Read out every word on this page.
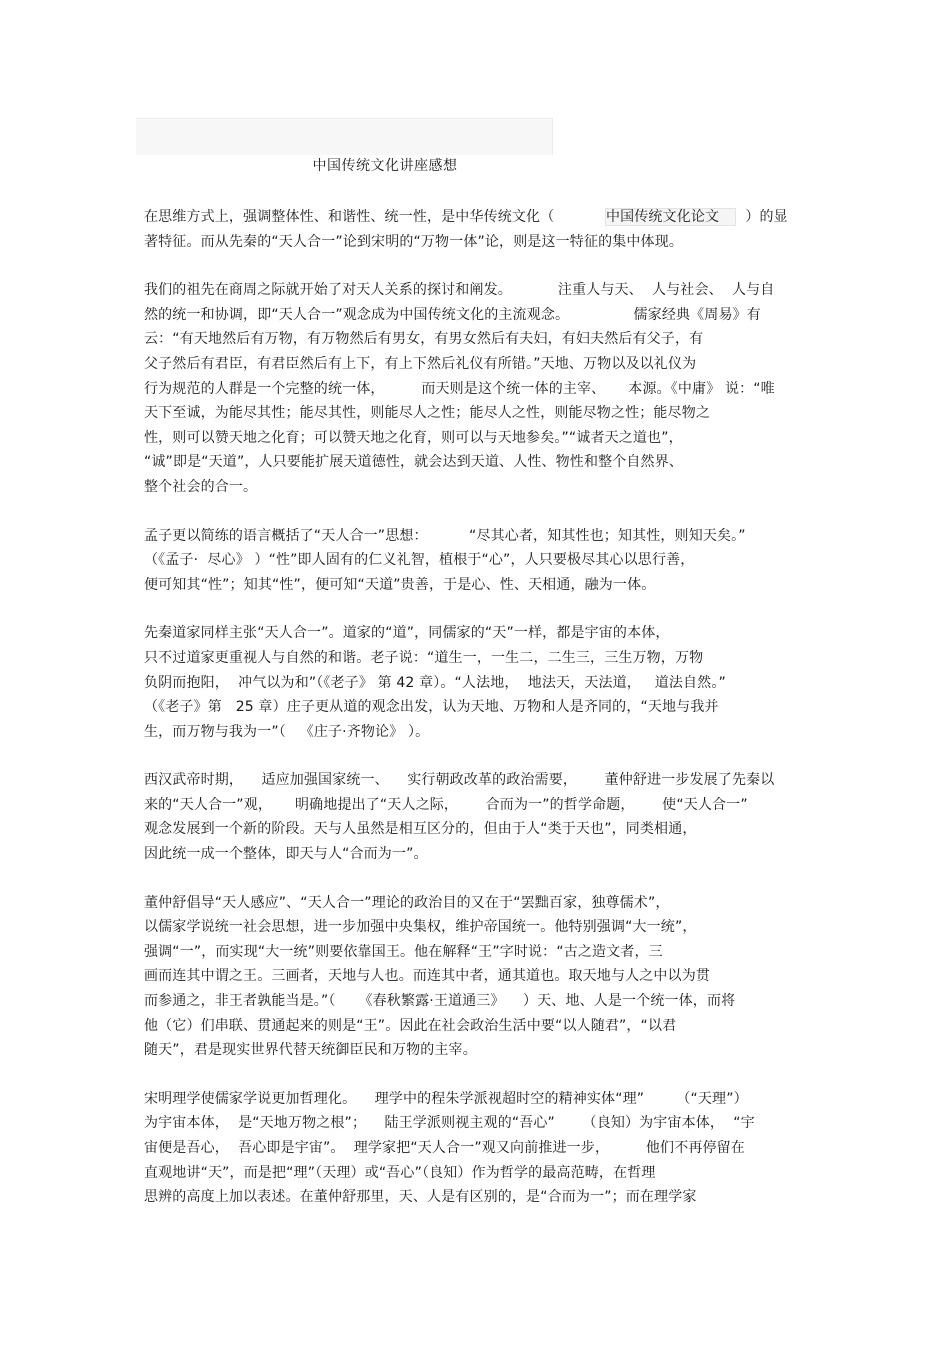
中国传统文化讲座感想
在思维方式上，强调整体性、和谐性、统一性，是中华传统文化（           中国传统文化论文  ）的显
著特征。而从先秦的“天人合一”论到宋明的“万物一体”论，则是这一特征的集中体现。
我们的祖先在商周之际就开始了对天人关系的探讨和阐发。          注重人与天、  人与社会、  人与自
然的统一和协调，即“天人合一”观念成为中国传统文化的主流观念。              儒家经典《周易》有
云：“有天地然后有万物，有万物然后有男女，有男女然后有夫妇，有妇夫然后有父子，有
父子然后有君臣，有君臣然后有上下，有上下然后礼仪有所错。”天地、万物以及以礼仪为
行为规范的人群是一个完整的统一体，        而天则是这个统一体的主宰、     本源。《中庸》 说：“唯
天下至诚，为能尽其性；能尽其性，则能尽人之性；能尽人之性，则能尽物之性；能尽物之
性，则可以赞天地之化育；可以赞天地之化育，则可以与天地参矣。”“诚者天之道也”，
“诚”即是“天道”，人只要能扩展天道德性，就会达到天道、人性、物性和整个自然界、
整个社会的合一。
孟子更以简练的语言概括了“天人合一”思想：         “尽其心者，知其性也；知其性，则知天矣。”
（《孟子·  尽心》 ）“性”即人固有的仁义礼智，植根于“心”，人只要极尽其心以思行善，
便可知其“性”；知其“性”，便可知“天道”贵善，于是心、性、天相通，融为一体。
先秦道家同样主张“天人合一”。道家的“道”，同儒家的“天”一样，都是宇宙的本体，
只不过道家更重视人与自然的和谐。老子说：“道生一，一生二，二生三，三生万物，万物
负阴而抱阳，  冲气以为和”（《老子》 第 42 章）。“人法地，  地法天，天法道，   道法自然。”
（《老子》第   25 章）庄子更从道的观念出发，认为天地、万物和人是齐同的，“天地与我并
生，而万物与我为一”（   《庄子·齐物论》 ）。
西汉武帝时期，    适应加强国家统一、    实行朝政改革的政治需要，      董仲舒进一步发展了先秦以
来的“天人合一”观，     明确地提出了“天人之际，      合而为一”的哲学命题，      使“天人合一”
观念发展到一个新的阶段。天与人虽然是相互区分的，但由于人“类于天也”，同类相通，
因此统一成一个整体，即天与人“合而为一”。
董仲舒倡导“天人感应”、“天人合一”理论的政治目的又在于“罢黜百家，独尊儒术”，
以儒家学说统一社会思想，进一步加强中央集权，维护帝国统一。他特别强调“大一统”，
强调“一”，而实现“大一统”则要依靠国王。他在解释“王”字时说：“古之造文者，三
画而连其中谓之王。三画者，天地与人也。而连其中者，通其道也。取天地与人之中以为贯
而参通之，非王者孰能当是。”（     《春秋繁露·王道通三》    ）天、地、人是一个统一体，而将
他（它）们串联、贯通起来的则是“王”。因此在社会政治生活中要“以人随君”，“以君
随天”，君是现实世界代替天统御臣民和万物的主宰。
宋明理学使儒家学说更加哲理化。    理学中的程朱学派视超时空的精神实体“理”       （“天理”）
为宇宙本体，  是“天地万物之根”；    陆王学派则视主观的“吾心”      （良知）为宇宙本体，  “宇
宙便是吾心，  吾心即是宇宙”。  理学家把“天人合一”观又向前推进一步，        他们不再停留在
直观地讲“天”，而是把“理”（天理）或“吾心”（良知）作为哲学的最高范畴，在哲理
思辨的高度上加以表述。在董仲舒那里，天、人是有区别的，是“合而为一”；而在理学家
